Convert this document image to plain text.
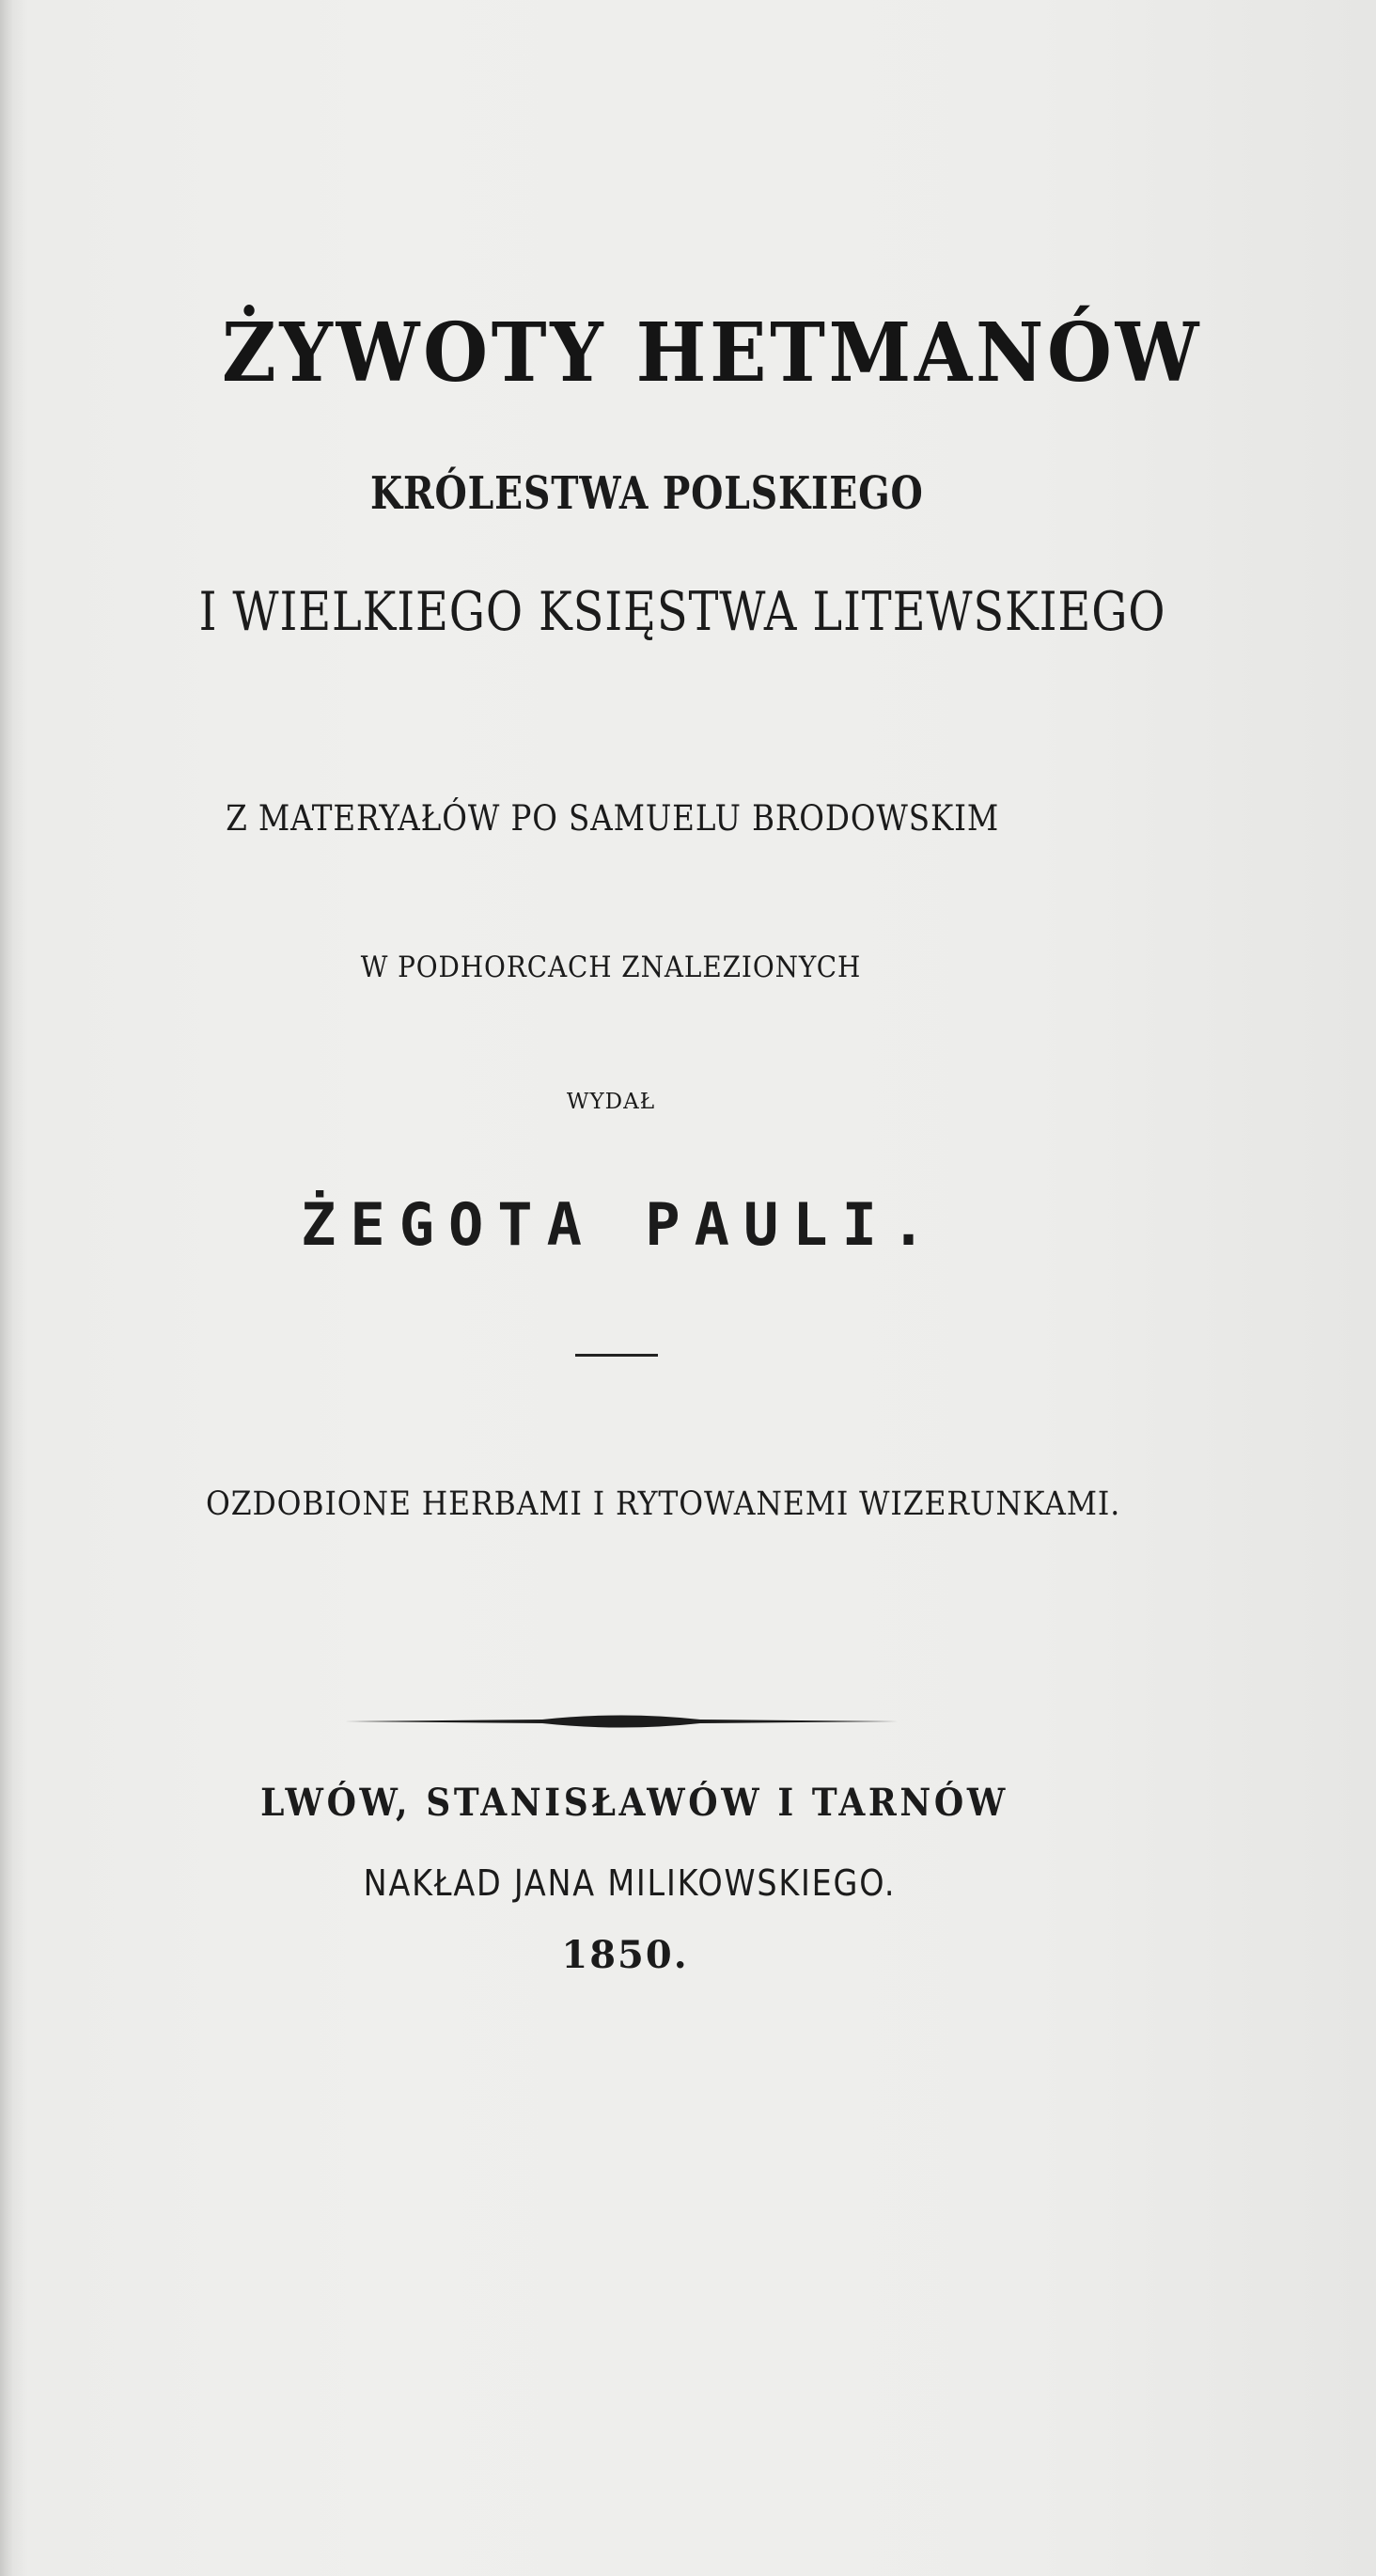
ŻYWOTY HETMANÓW
KRÓLESTWA POLSKIEGO
I WIELKIEGO KSIĘSTWA LITEWSKIEGO
Z MATERYAŁÓW PO SAMUELU BRODOWSKIM
W PODHORCACH ZNALEZIONYCH
WYDAŁ
ŻEGOTA PAULI.
OZDOBIONE HERBAMI I RYTOWANEMI WIZERUNKAMI.
LWÓW, STANISŁAWÓW I TARNÓW
NAKŁAD JANA MILIKOWSKIEGO.
1850.
